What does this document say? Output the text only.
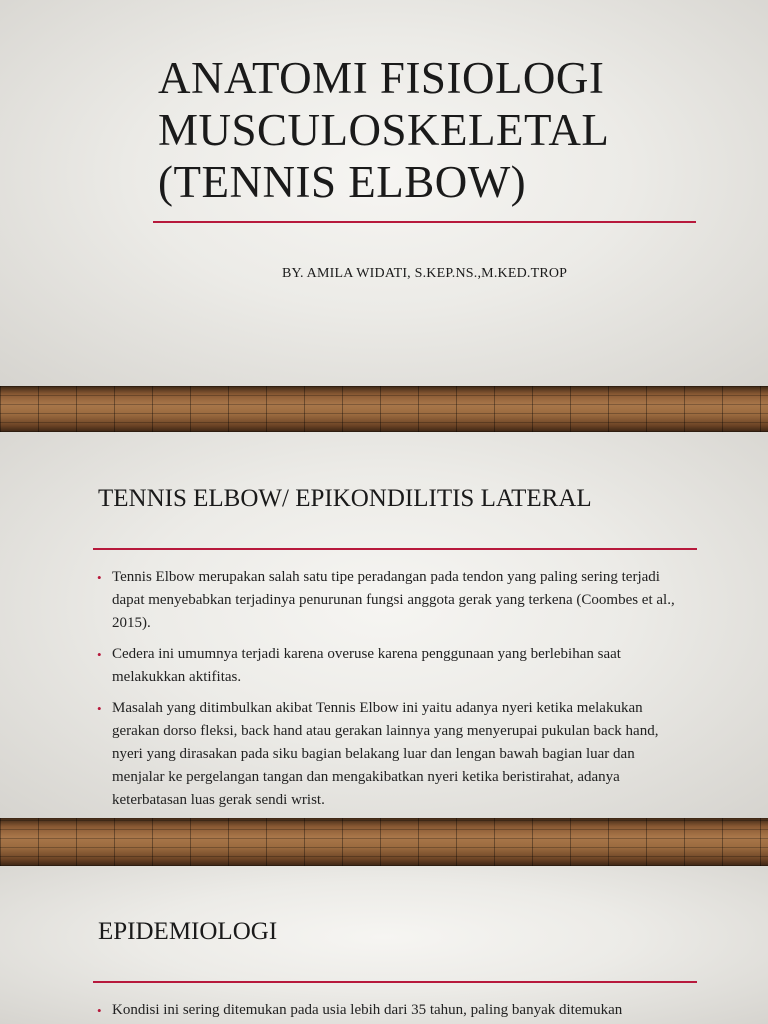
ANATOMI FISIOLOGI
MUSCULOSKELETAL
(TENNIS ELBOW)
BY. AMILA WIDATI, S.KEP.NS.,M.KED.TROP
TENNIS ELBOW/ EPIKONDILITIS LATERAL
• Tennis Elbow merupakan salah satu tipe peradangan pada tendon yang paling sering terjadi dapat menyebabkan terjadinya penurunan fungsi anggota gerak yang terkena (Coombes et al., 2015).
• Cedera ini umumnya terjadi karena overuse karena penggunaan yang berlebihan saat melakukkan aktifitas.
• Masalah yang ditimbulkan akibat Tennis Elbow ini yaitu adanya nyeri ketika melakukan gerakan dorso fleksi, back hand atau gerakan lainnya yang menyerupai pukulan back hand, nyeri yang dirasakan pada siku bagian belakang luar dan lengan bawah bagian luar dan menjalar ke pergelangan tangan dan mengakibatkan nyeri ketika beristirahat, adanya keterbatasan luas gerak sendi wrist.
EPIDEMIOLOGI
• Kondisi ini sering ditemukan pada usia lebih dari 35 tahun, paling banyak ditemukan
